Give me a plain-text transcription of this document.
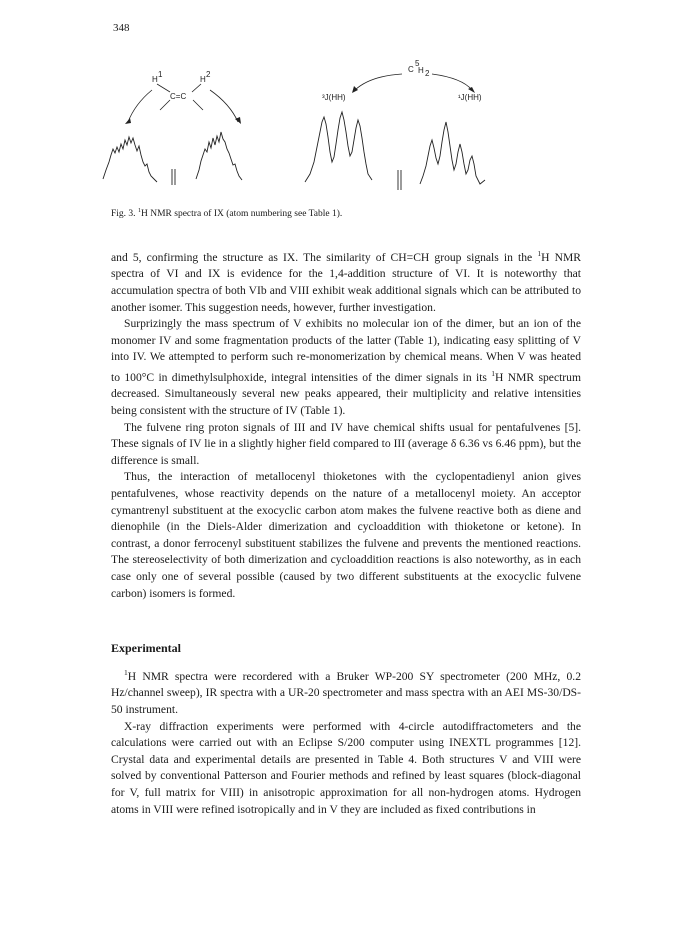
348
H
1
H
2
C=C
C
5
H 2
³J(HH)	¹J(HH)
Fig. 3. $^1$H NMR spectra of IX (atom numbering see Table 1).

and 5, confirming the structure as IX. The similarity of CH=CH group signals in the $^1$H NMR spectra of VI and IX is evidence for the 1,4-addition structure of VI. It is noteworthy that accumulation spectra of both VIb and VIII exhibit weak additional signals which can be attributed to another isomer. This suggestion needs, however, further investigation.

Surprizingly the mass spectrum of V exhibits no molecular ion of the dimer, but an ion of the monomer IV and some fragmentation products of the latter (Table 1), indicating easy splitting of V into IV. We attempted to perform such re-monomerization by chemical means. When V was heated to 100°C in dimethylsulphoxide, integral intensities of the dimer signals in its $^1$H NMR spectrum decreased. Simultaneously several new peaks appeared, their multiplicity and relative intensities being consistent with the structure of IV (Table 1).

The fulvene ring proton signals of III and IV have chemical shifts usual for pentafulvenes [5]. These signals of IV lie in a slightly higher field compared to III (average δ 6.36 vs 6.46 ppm), but the difference is small.

Thus, the interaction of metallocenyl thioketones with the cyclopentadienyl anion gives pentafulvenes, whose reactivity depends on the nature of a metallocenyl moiety. An acceptor cymantrenyl substituent at the exocyclic carbon atom makes the fulvene reactive both as diene and dienophile (in the Diels-Alder dimerization and cycloaddition with thioketone or ketone). In contrast, a donor ferrocenyl substituent stabilizes the fulvene and prevents the mentioned reactions. The stereoselectivity of both dimerization and cycloaddition reactions is also noteworthy, as in each case only one of several possible (caused by two different substituents at the exocyclic fulvene carbon) isomers is formed.

Experimental

$^1$H NMR spectra were recordered with a Bruker WP-200 SY spectrometer (200 MHz, 0.2 Hz/channel sweep), IR spectra with a UR-20 spectrometer and mass spectra with an AEI MS-30/DS-50 instrument.

X-ray diffraction experiments were performed with 4-circle autodiffractometers and the calculations were carried out with an Eclipse S/200 computer using INEXTL programmes [12]. Crystal data and experimental details are presented in Table 4. Both structures V and VIII were solved by conventional Patterson and Fourier methods and refined by least squares (block-diagonal for V, full matrix for VIII) in anisotropic approximation for all non-hydrogen atoms. Hydrogen atoms in VIII were refined isotropically and in V they are included as fixed contributions in
